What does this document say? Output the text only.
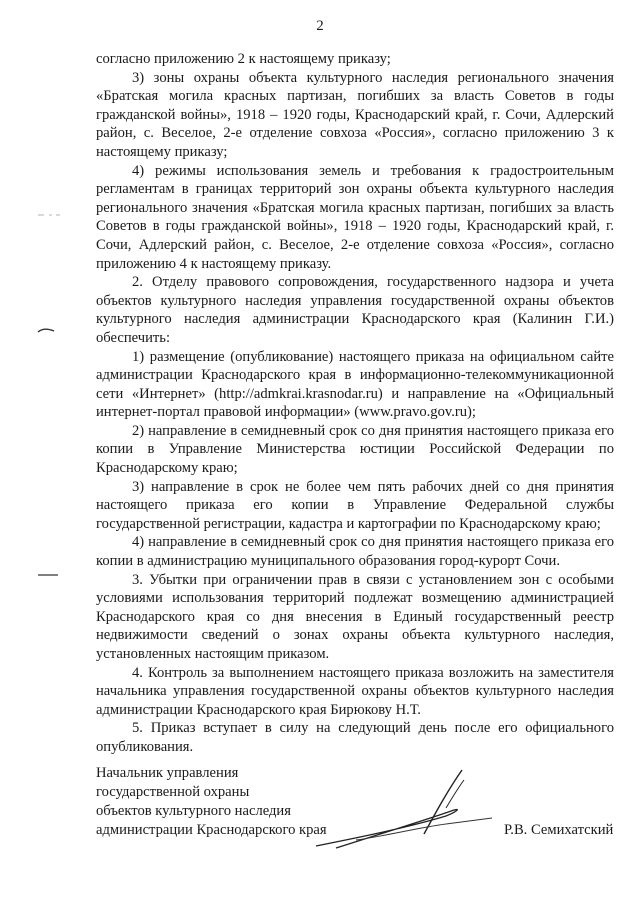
2

согласно приложению 2 к настоящему приказу;

3) зоны охраны объекта культурного наследия регионального значения «Братская могила красных партизан, погибших за власть Советов в годы гражданской войны», 1918 – 1920 годы, Краснодарский край, г. Сочи, Адлерский район, с. Веселое, 2-е отделение совхоза «Россия», согласно приложению 3 к настоящему приказу;

4) режимы использования земель и требования к градостроительным регламентам в границах территорий зон охраны объекта культурного наследия регионального значения «Братская могила красных партизан, погибших за власть Советов в годы гражданской войны», 1918 – 1920 годы, Краснодарский край, г. Сочи, Адлерский район, с. Веселое, 2-е отделение совхоза «Россия», согласно приложению 4 к настоящему приказу.

2. Отделу правового сопровождения, государственного надзора и учета объектов культурного наследия управления государственной охраны объектов культурного наследия администрации Краснодарского края (Калинин Г.И.) обеспечить:

1) размещение (опубликование) настоящего приказа на официальном сайте администрации Краснодарского края в информационно-телекоммуникационной сети «Интернет» (http://admkrai.krasnodar.ru) и направление на «Официальный интернет-портал правовой информации» (www.pravo.gov.ru);

2) направление в семидневный срок со дня принятия настоящего приказа его копии в Управление Министерства юстиции Российской Федерации по Краснодарскому краю;

3) направление в срок не более чем пять рабочих дней со дня принятия настоящего приказа его копии в Управление Федеральной службы государственной регистрации, кадастра и картографии по Краснодарскому краю;

4) направление в семидневный срок со дня принятия настоящего приказа его копии в администрацию муниципального образования город-курорт Сочи.

3. Убытки при ограничении прав в связи с установлением зон с особыми условиями использования территорий подлежат возмещению администрацией Краснодарского края со дня внесения в Единый государственный реестр недвижимости сведений о зонах охраны объекта культурного наследия, установленных настоящим приказом.

4. Контроль за выполнением настоящего приказа возложить на заместителя начальника управления государственной охраны объектов культурного наследия администрации Краснодарского края Бирюкову Н.Т.

5. Приказ вступает в силу на следующий день после его официального опубликования.

Начальник управления
государственной охраны
объектов культурного наследия
администрации Краснодарского края	Р.В. Семихатский
